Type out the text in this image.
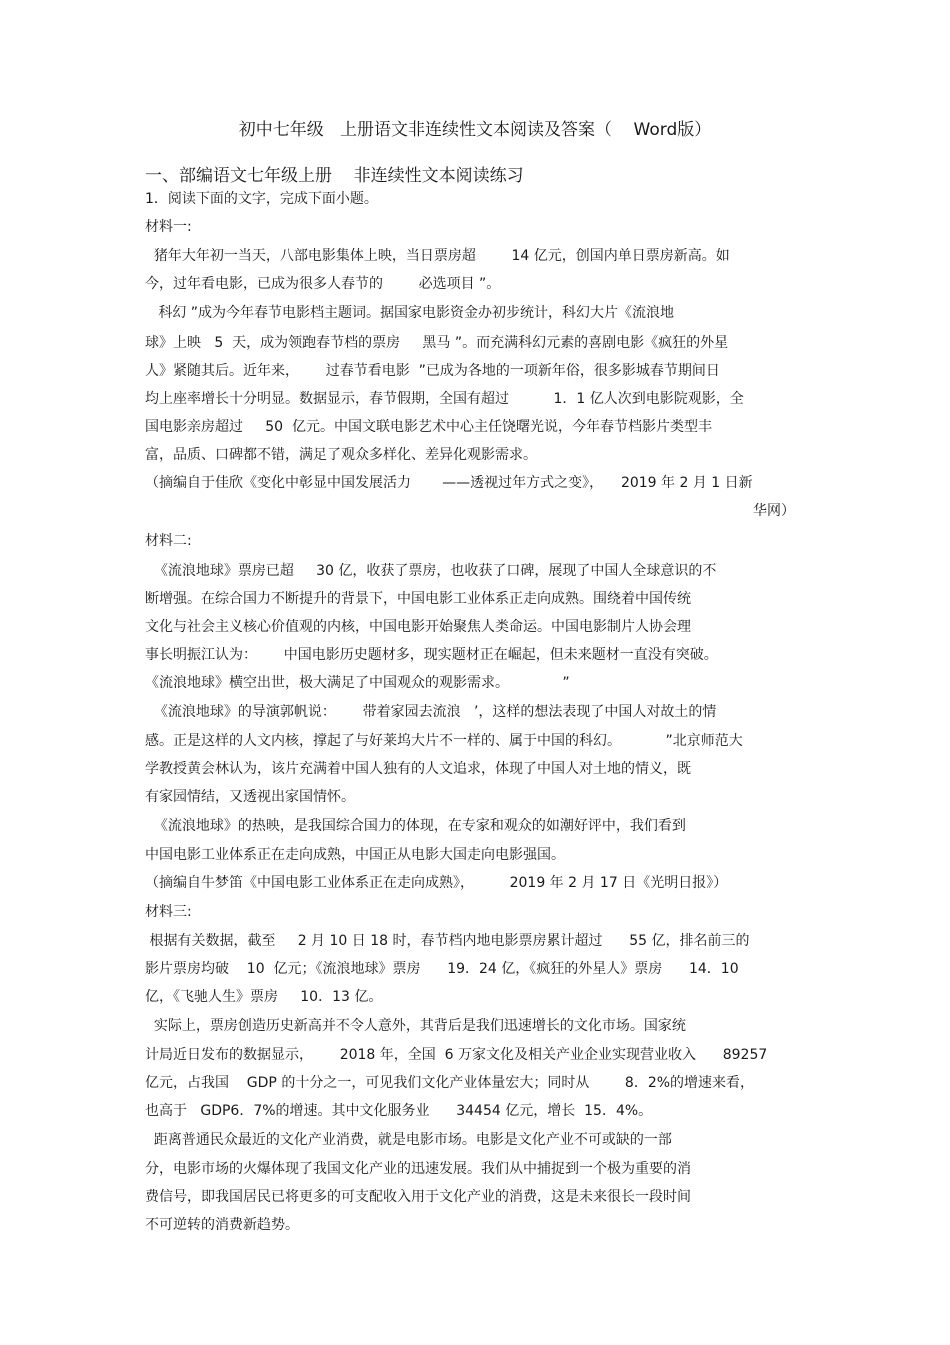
初中七年级   上册语文非连续性文本阅读及答案（    Word版）
一、部编语文七年级上册    非连续性文本阅读练习
1．阅读下面的文字，完成下面小题。
材料一:
猪年大年初一当天，八部电影集体上映，当日票房超        14 亿元，创国内单日票房新高。如
今，过年看电影，已成为很多人春节的        必选项目 ”。
科幻 ”成为今年春节电影档主题词。据国家电影资金办初步统计，科幻大片《流浪地
球》上映   5  天，成为领跑春节档的票房     黑马 ”。而充满科幻元素的喜剧电影《疯狂的外星
人》紧随其后。近年来，      过春节看电影  ”已成为各地的一项新年俗，很多影城春节期间日
均上座率增长十分明显。数据显示，春节假期，全国有超过          1．1 亿人次到电影院观影，全
国电影亲房超过     50  亿元。中国文联电影艺术中心主任饶曙光说，今年春节档影片类型丰
富，品质、口碑都不错，满足了观众多样化、差异化观影需求。
（摘编自于佳欣《变化中彰显中国发展活力       ——透视过年方式之变》，    2019 年 2 月 1 日新
华网）
材料二:
《流浪地球》票房已超     30 亿，收获了票房，也收获了口碑，展现了中国人全球意识的不
断增强。在综合国力不断提升的背景下，中国电影工业体系正走向成熟。围绕着中国传统
文化与社会主义核心价值观的内核，中国电影开始聚焦人类命运。中国电影制片人协会理
事长明振江认为：      中国电影历史题材多，现实题材正在崛起，但未来题材一直没有突破。
《流浪地球》横空出世，极大满足了中国观众的观影需求。            ”
《流浪地球》的导演郭帆说：      带着家园去流浪   ’，这样的想法表现了中国人对故土的情
感。正是这样的人文内核，撑起了与好莱坞大片不一样的、属于中国的科幻。          ”北京师范大
学教授黄会林认为，该片充满着中国人独有的人文追求，体现了中国人对土地的情义，既
有家园情结，又透视出家国情怀。
《流浪地球》的热映，是我国综合国力的体现，在专家和观众的如潮好评中，我们看到
中国电影工业体系正在走向成熟，中国正从电影大国走向电影强国。
（摘编自牛梦笛《中国电影工业体系正在走向成熟》，        2019 年 2 月 17 日《光明日报》）
材料三:
根据有关数据，截至     2 月 10 日 18 时，春节档内地电影票房累计超过      55 亿，排名前三的
影片票房均破    10  亿元；《流浪地球》票房      19．24 亿，《疯狂的外星人》票房      14．10
亿，《飞驰人生》票房     10．13 亿。
实际上，票房创造历史新高并不令人意外，其背后是我们迅速增长的文化市场。国家统
计局近日发布的数据显示，      2018 年，全国  6 万家文化及相关产业企业实现营业收入      89257
亿元，占我国    GDP 的十分之一，可见我们文化产业体量宏大；同时从        8．2%的增速来看，
也高于   GDP6．7%的增速。其中文化服务业      34454 亿元，增长  15．4%。
距离普通民众最近的文化产业消费，就是电影市场。电影是文化产业不可或缺的一部
分，电影市场的火爆体现了我国文化产业的迅速发展。我们从中捕捉到一个极为重要的消
费信号，即我国居民已将更多的可支配收入用于文化产业的消费，这是未来很长一段时间
不可逆转的消费新趋势。
